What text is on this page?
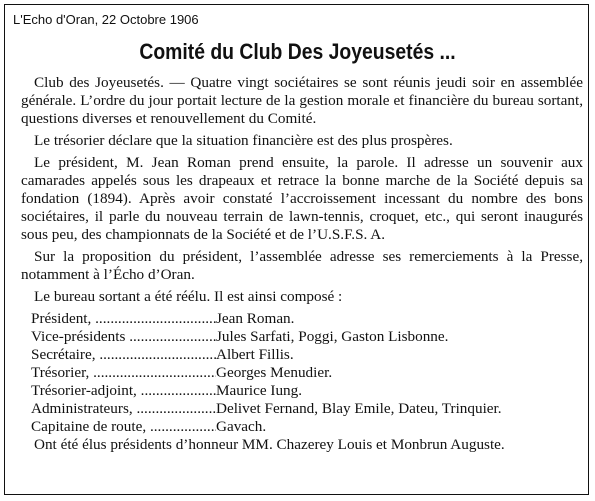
L'Echo d'Oran, 22 Octobre 1906
Comité du Club Des Joyeusetés ...

Club des Joyeusetés. — Quatre vingt sociétaires se sont réunis jeudi soir en assemblée générale. L’ordre du jour portait lecture de la gestion morale et financière du bureau sortant, questions diverses et renouvellement du Comité.

Le trésorier déclare que la situation financière est des plus prospères.

Le président, M. Jean Roman prend ensuite, la parole. Il adresse un souvenir aux camarades appelés sous les drapeaux et retrace la bonne marche de la Société depuis sa fondation (1894). Après avoir constaté l’accroissement incessant du nombre des bons sociétaires, il parle du nouveau terrain de lawn-tennis, croquet, etc., qui seront inaugurés sous peu, des championnats de la Société et de l’U.S.F.S. A.

Sur la proposition du président, l’assemblée adresse ses remerciements à la Presse, notamment à l’Écho d’Oran.

Le bureau sortant a été réélu. Il est ainsi composé :

Président, .....	Jean Roman.
Vice-présidents .....	Jules Sarfati, Poggi, Gaston Lisbonne.
Secrétaire, .....	Albert Fillis.
Trésorier, .....	Georges Menudier.
Trésorier-adjoint, .....	Maurice Iung.
Administrateurs, .....	Delivet Fernand, Blay Emile, Dateu, Trinquier.
Capitaine de route, .....	Gavach.

Ont été élus présidents d’honneur MM. Chazerey Louis et Monbrun Auguste.
